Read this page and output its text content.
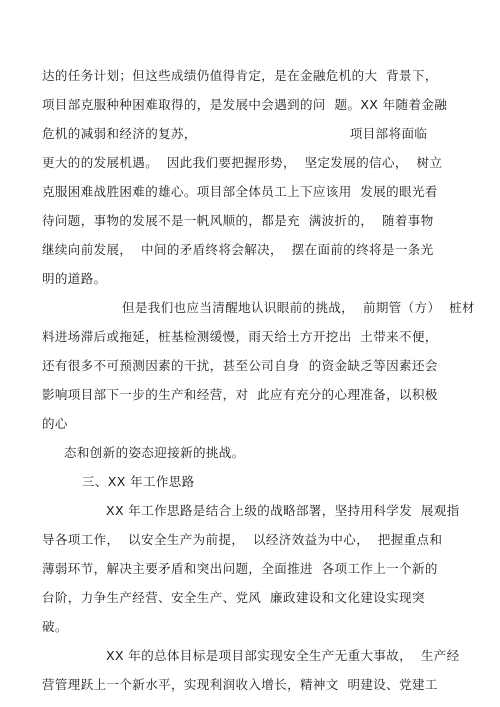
达的任务计划；但这些成绩仍值得肯定，是在金融危机的大  背景下，
项目部克服种种困难取得的，是发展中会遇到的问  题。XX 年随着金融
危机的减弱和经济的复苏，                                   项目部将面临
更大的的发展机遇。  因此我们要把握形势，  坚定发展的信心，  树立
克服困难战胜困难的雄心。项目部全体员工上下应该用  发展的眼光看
待问题，事物的发展不是一帆风顺的，都是充  满波折的，  随着事物
继续向前发展，  中间的矛盾终将会解决，  摆在面前的终将是一条光
明的道路。
但是我们也应当清醒地认识眼前的挑战，  前期管（方）  桩材
料进场滞后或拖延，桩基检测缓慢，雨天给土方开挖出  土带来不便，
还有很多不可预测因素的干扰，甚至公司自身  的资金缺乏等因素还会
影响项目部下一步的生产和经营，对  此应有充分的心理准备，以积极
的心
态和创新的姿态迎接新的挑战。
三、XX 年工作思路
XX 年工作思路是结合上级的战略部署，坚持用科学发  展观指
导各项工作，  以安全生产为前提，  以经济效益为中心，  把握重点和
薄弱环节，解决主要矛盾和突出问题，全面推进  各项工作上一个新的
台阶，力争生产经营、安全生产、党风  廉政建设和文化建设实现突
破。
XX 年的总体目标是项目部实现安全生产无重大事故，  生产经
营管理跃上一个新水平，实现利润收入增长，精神文  明建设、党建工
